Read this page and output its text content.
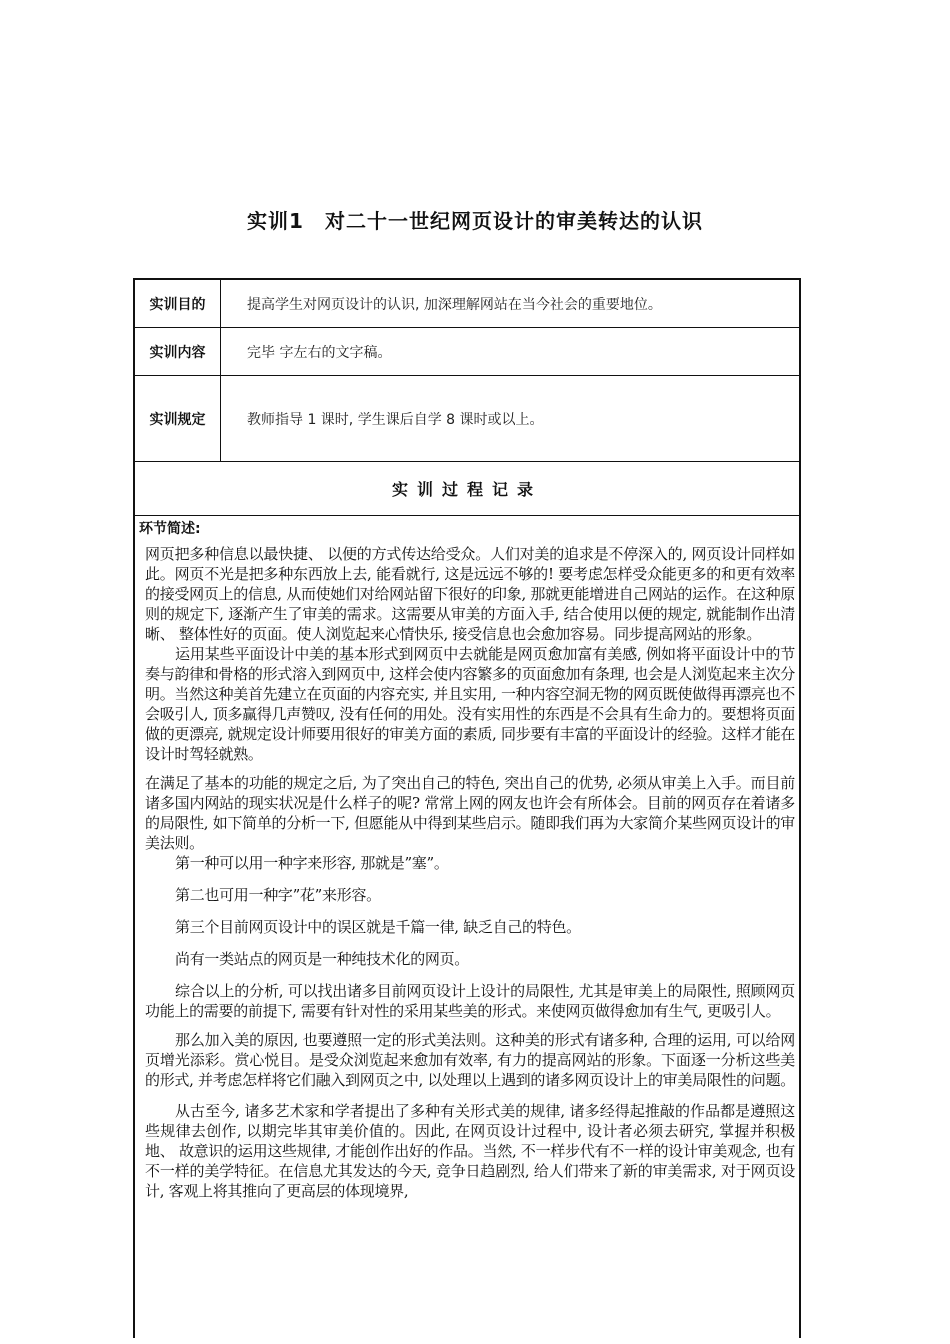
实训1　对二十一世纪网页设计的审美转达的认识
实训目的	提高学生对网页设计的认识, 加深理解网站在当今社会的重要地位。
实训内容	完毕 字左右的文字稿。
实训规定	教师指导 1 课时, 学生课后自学 8 课时或以上。
实训过程记录
环节简述:

网页把多种信息以最快捷、 以便的方式传达给受众。人们对美的追求是不停深入的, 网页设计同样如此。网页不光是把多种东西放上去, 能看就行, 这是远远不够的! 要考虑怎样受众能更多的和更有效率的接受网页上的信息, 从而使她们对给网站留下很好的印象, 那就更能增进自己网站的运作。在这种原则的规定下, 逐渐产生了审美的需求。这需要从审美的方面入手, 结合使用以便的规定, 就能制作出清晰、 整体性好的页面。使人浏览起来心情快乐, 接受信息也会愈加容易。同步提高网站的形象。

运用某些平面设计中美的基本形式到网页中去就能是网页愈加富有美感, 例如将平面设计中的节奏与韵律和骨格的形式溶入到网页中, 这样会使内容繁多的页面愈加有条理, 也会是人浏览起来主次分明。当然这种美首先建立在页面的内容充实, 并且实用, 一种内容空洞无物的网页既使做得再漂亮也不会吸引人, 顶多赢得几声赞叹, 没有任何的用处。没有实用性的东西是不会具有生命力的。要想将页面做的更漂亮, 就规定设计师要用很好的审美方面的素质, 同步要有丰富的平面设计的经验。这样才能在设计时驾轻就熟。

在满足了基本的功能的规定之后, 为了突出自己的特色, 突出自己的优势, 必须从审美上入手。而目前诸多国内网站的现实状况是什么样子的呢? 常常上网的网友也许会有所体会。目前的网页存在着诸多的局限性, 如下简单的分析一下, 但愿能从中得到某些启示。随即我们再为大家简介某些网页设计的审美法则。

第一种可以用一种字来形容, 那就是”塞”。

第二也可用一种字”花”来形容。

第三个目前网页设计中的误区就是千篇一律, 缺乏自己的特色。

尚有一类站点的网页是一种纯技术化的网页。

综合以上的分析, 可以找出诸多目前网页设计上设计的局限性, 尤其是审美上的局限性, 照顾网页功能上的需要的前提下, 需要有针对性的采用某些美的形式。来使网页做得愈加有生气, 更吸引人。

那么加入美的原因, 也要遵照一定的形式美法则。这种美的形式有诸多种, 合理的运用, 可以给网页增光添彩。赏心悦目。是受众浏览起来愈加有效率, 有力的提高网站的形象。下面逐一分析这些美的形式, 并考虑怎样将它们融入到网页之中, 以处理以上遇到的诸多网页设计上的审美局限性的问题。

从古至今, 诸多艺术家和学者提出了多种有关形式美的规律, 诸多经得起推敲的作品都是遵照这些规律去创作, 以期完毕其审美价值的。因此, 在网页设计过程中, 设计者必须去研究, 掌握并积极地、 故意识的运用这些规律, 才能创作出好的作品。当然, 不一样步代有不一样的设计审美观念, 也有不一样的美学特征。在信息尤其发达的今天, 竞争日趋剧烈, 给人们带来了新的审美需求, 对于网页设计, 客观上将其推向了更高层的体现境界,
